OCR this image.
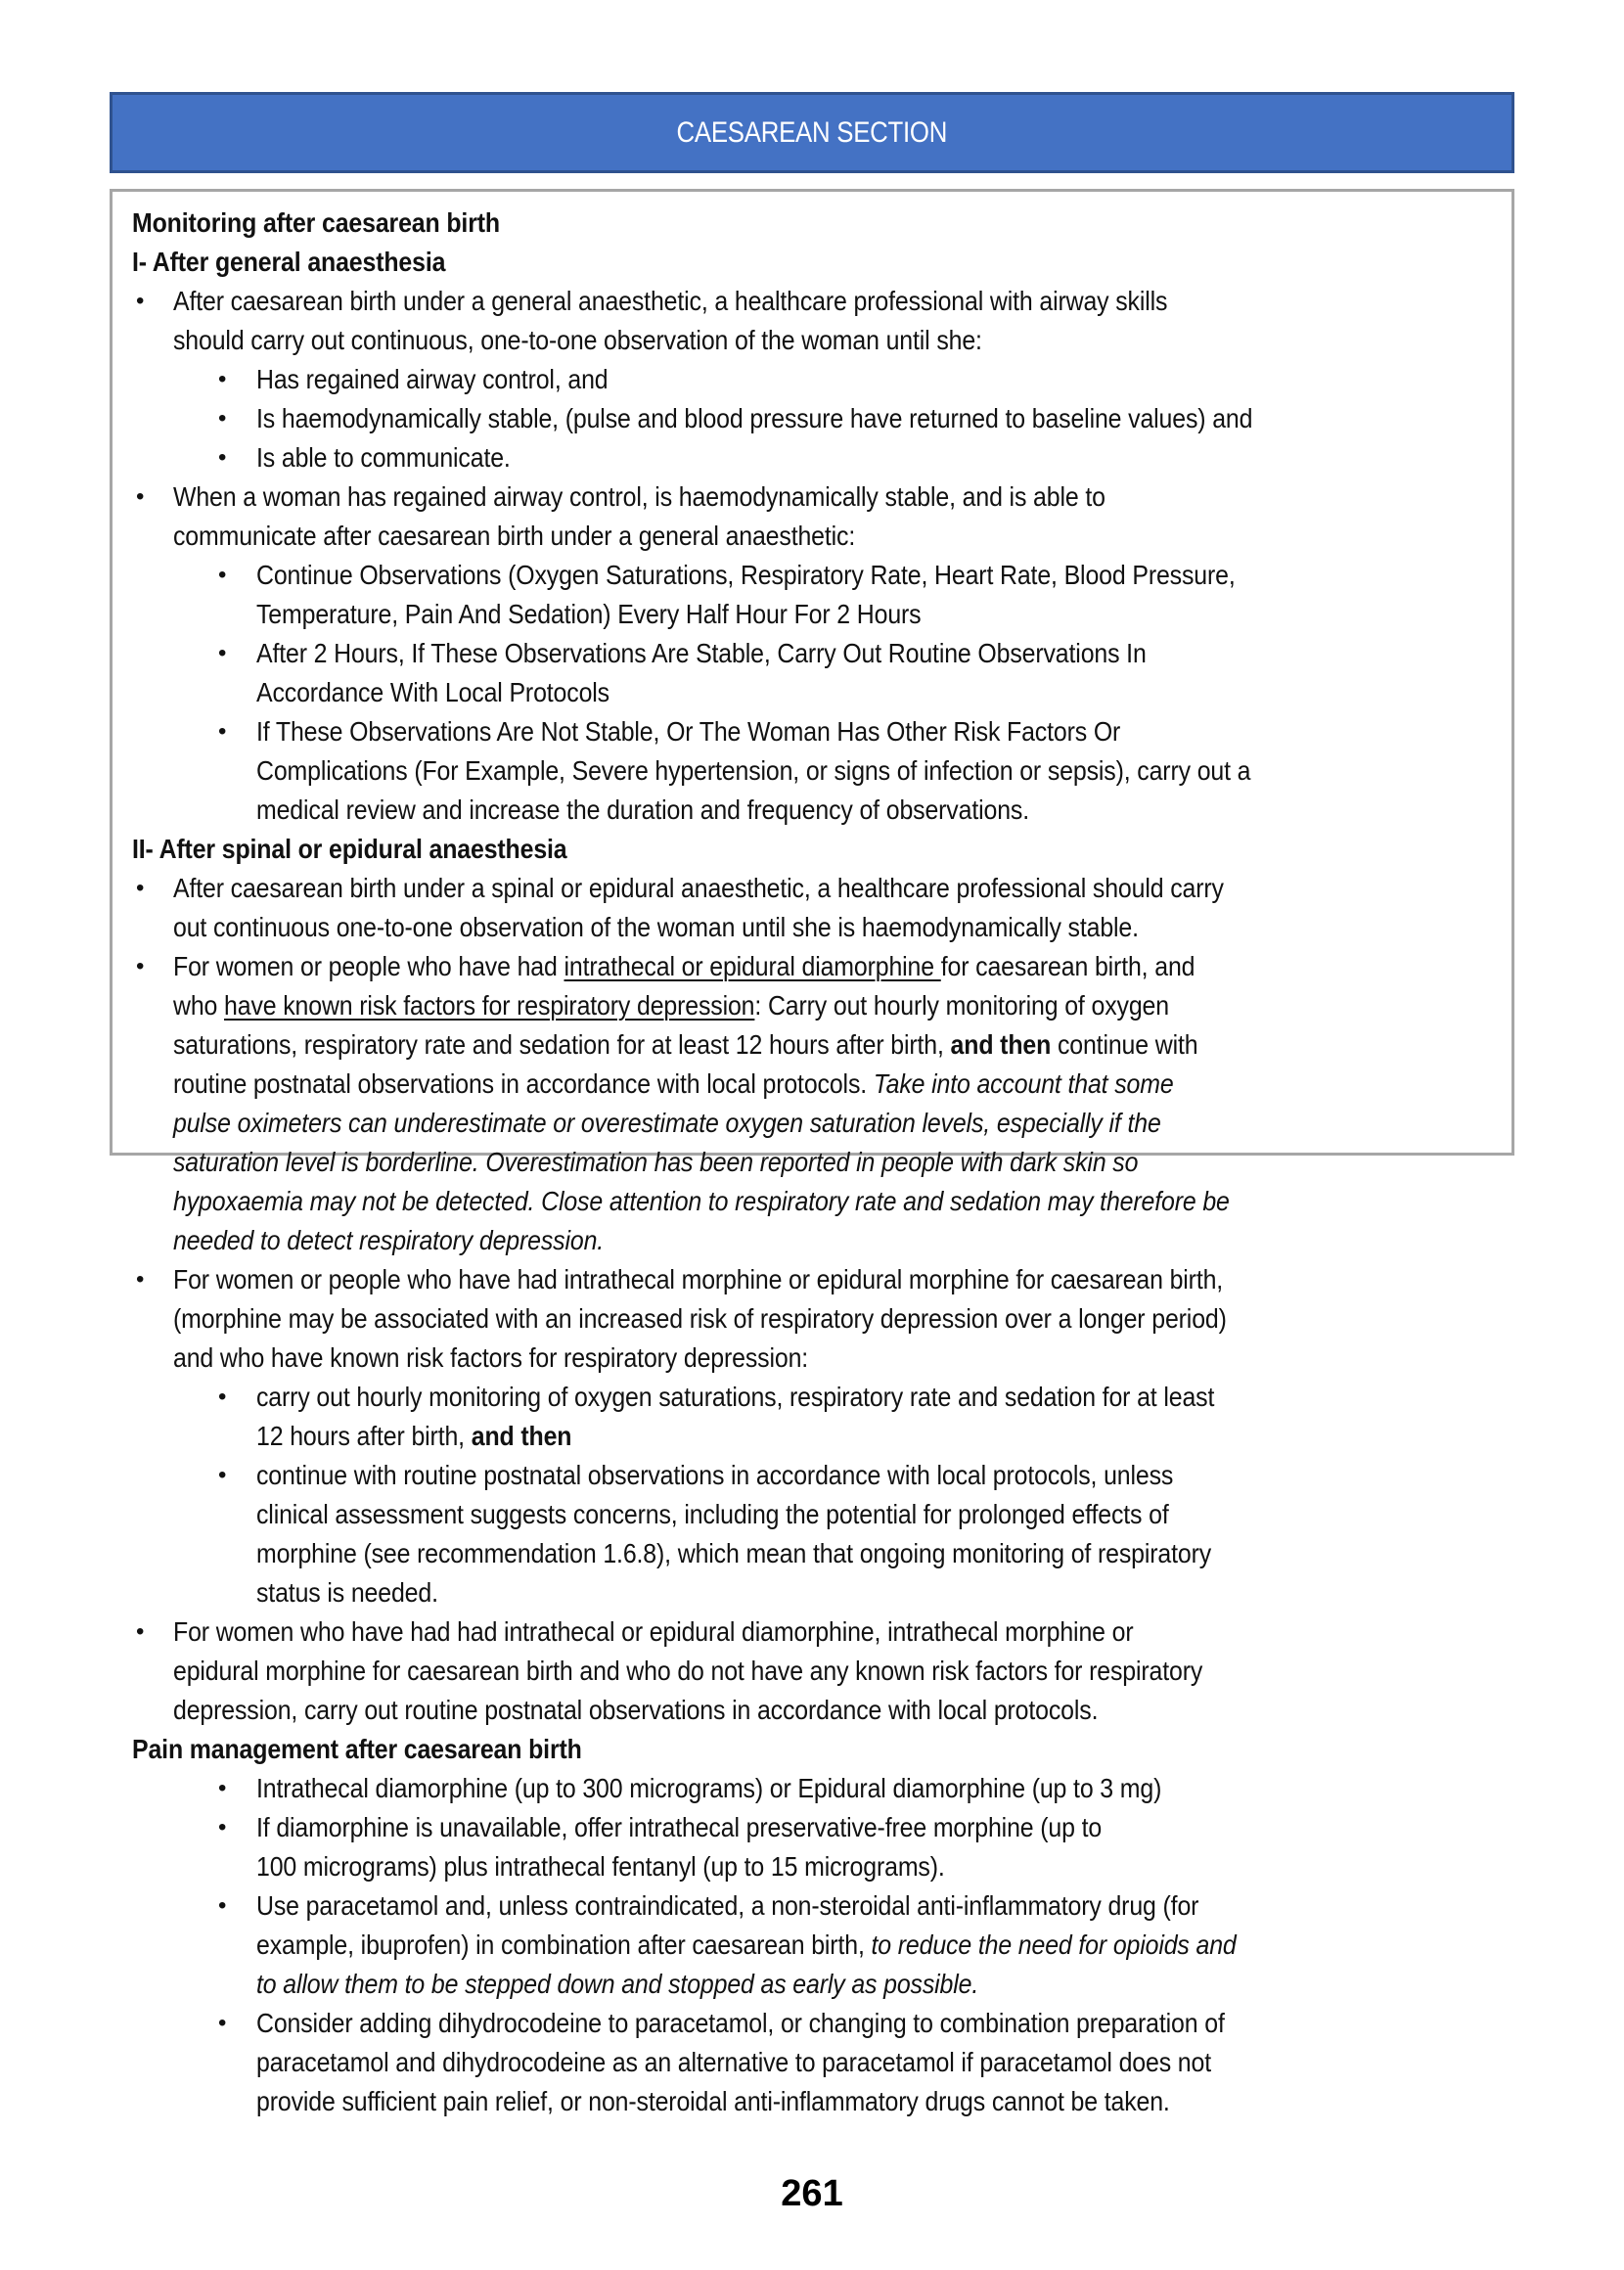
CAESAREAN SECTION
Monitoring after caesarean birth
I- After general anaesthesia
• After caesarean birth under a general anaesthetic, a healthcare professional with airway skills
should carry out continuous, one-to-one observation of the woman until she:
• Has regained airway control, and
• Is haemodynamically stable, (pulse and blood pressure have returned to baseline values) and
• Is able to communicate.
• When a woman has regained airway control, is haemodynamically stable, and is able to
communicate after caesarean birth under a general anaesthetic:
• Continue Observations (Oxygen Saturations, Respiratory Rate, Heart Rate, Blood Pressure,
Temperature, Pain And Sedation) Every Half Hour For 2 Hours
• After 2 Hours, If These Observations Are Stable, Carry Out Routine Observations In
Accordance With Local Protocols
• If These Observations Are Not Stable, Or The Woman Has Other Risk Factors Or
Complications (For Example, Severe hypertension, or signs of infection or sepsis), carry out a
medical review and increase the duration and frequency of observations.
II- After spinal or epidural anaesthesia
• After caesarean birth under a spinal or epidural anaesthetic, a healthcare professional should carry
out continuous one-to-one observation of the woman until she is haemodynamically stable.
• For women or people who have had intrathecal or epidural diamorphine for caesarean birth, and
who have known risk factors for respiratory depression: Carry out hourly monitoring of oxygen
saturations, respiratory rate and sedation for at least 12 hours after birth, and then continue with
routine postnatal observations in accordance with local protocols. Take into account that some
pulse oximeters can underestimate or overestimate oxygen saturation levels, especially if the
saturation level is borderline. Overestimation has been reported in people with dark skin so
hypoxaemia may not be detected. Close attention to respiratory rate and sedation may therefore be
needed to detect respiratory depression.
• For women or people who have had intrathecal morphine or epidural morphine for caesarean birth,
(morphine may be associated with an increased risk of respiratory depression over a longer period)
and who have known risk factors for respiratory depression:
• carry out hourly monitoring of oxygen saturations, respiratory rate and sedation for at least
12 hours after birth, and then
• continue with routine postnatal observations in accordance with local protocols, unless
clinical assessment suggests concerns, including the potential for prolonged effects of
morphine (see recommendation 1.6.8), which mean that ongoing monitoring of respiratory
status is needed.
• For women who have had had intrathecal or epidural diamorphine, intrathecal morphine or
epidural morphine for caesarean birth and who do not have any known risk factors for respiratory
depression, carry out routine postnatal observations in accordance with local protocols.
Pain management after caesarean birth
• Intrathecal diamorphine (up to 300 micrograms) or Epidural diamorphine (up to 3 mg)
• If diamorphine is unavailable, offer intrathecal preservative-free morphine (up to
100 micrograms) plus intrathecal fentanyl (up to 15 micrograms).
• Use paracetamol and, unless contraindicated, a non-steroidal anti-inflammatory drug (for
example, ibuprofen) in combination after caesarean birth, to reduce the need for opioids and
to allow them to be stepped down and stopped as early as possible.
• Consider adding dihydrocodeine to paracetamol, or changing to combination preparation of
paracetamol and dihydrocodeine as an alternative to paracetamol if paracetamol does not
provide sufficient pain relief, or non-steroidal anti-inflammatory drugs cannot be taken.
261
